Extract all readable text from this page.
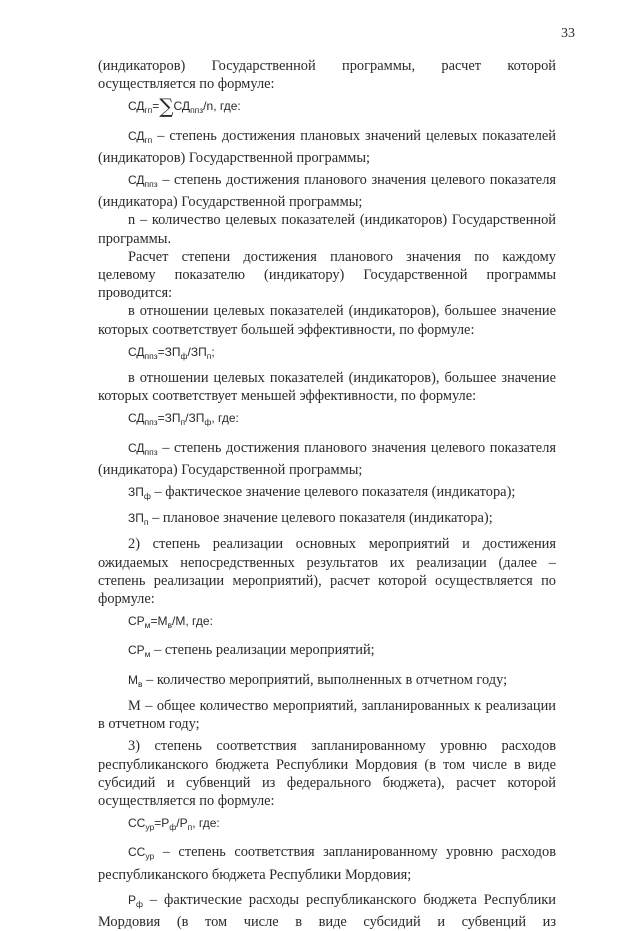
33

(индикаторов) Государственной программы, расчет которой осуществляется по формуле:

$СД_{гп}=\sum СД_{ппз}/n$, где:

$СД_{гп}$ – степень достижения плановых значений целевых показателей (индикаторов) Государственной программы;

$СД_{ппз}$ – степень достижения планового значения целевого показателя (индикатора) Государственной программы;

n – количество целевых показателей (индикаторов) Государственной программы.

Расчет степени достижения планового значения по каждому целевому показателю (индикатору) Государственной программы проводится:

в отношении целевых показателей (индикаторов), большее значение которых соответствует большей эффективности, по формуле:

$СД_{ппз}=ЗП_ф/ЗП_п$;

в отношении целевых показателей (индикаторов), большее значение которых соответствует меньшей эффективности, по формуле:

$СД_{ппз}=ЗП_п/ЗП_ф$, где:

$СД_{ппз}$ – степень достижения планового значения целевого показателя (индикатора) Государственной программы;

$ЗП_ф$ – фактическое значение целевого показателя (индикатора);

$ЗП_п$ – плановое значение целевого показателя (индикатора);

2) степень реализации основных мероприятий и достижения ожидаемых непосредственных результатов их реализации (далее – степень реализации мероприятий), расчет которой осуществляется по формуле:

$СР_м=М_в/М$, где:

$СР_м$ – степень реализации мероприятий;

$М_в$ – количество мероприятий, выполненных в отчетном году;

М – общее количество мероприятий, запланированных к реализации в отчетном году;

3) степень соответствия запланированному уровню расходов республиканского бюджета Республики Мордовия (в том числе в виде субсидий и субвенций из федерального бюджета), расчет которой осуществляется по формуле:

$СС_{ур}=Р_ф/Р_п$, где:

$СС_{ур}$ – степень соответствия запланированному уровню расходов республиканского бюджета Республики Мордовия;

$Р_ф$ – фактические расходы республиканского бюджета Республики Мордовия (в том числе в виде субсидий и субвенций из
